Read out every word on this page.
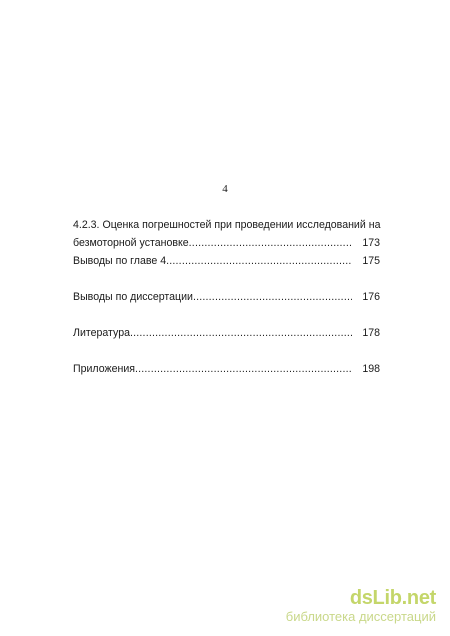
4
4.2.3. Оценка погрешностей при проведении исследований на
безмоторной установке .....	173
Выводы по главе 4 .....	175
Выводы по диссертации .....	176
Литература .....	178
Приложения .....	198
dsLib.net
библиотека диссертаций
